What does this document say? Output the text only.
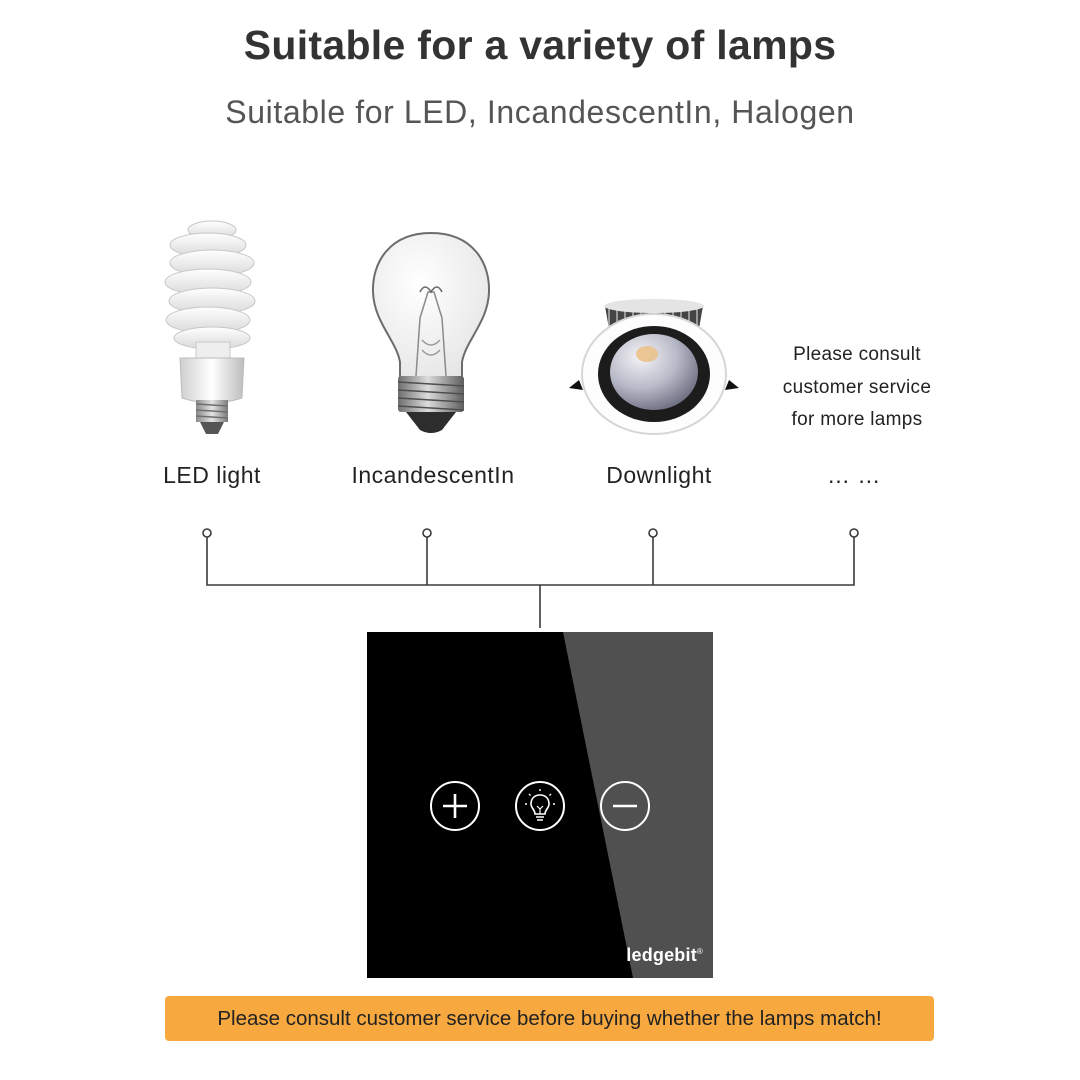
Suitable for a variety of lamps
Suitable for LED, IncandescentIn, Halogen
Please consult
customer service
for more lamps
LED light	IncandescentIn	Downlight	… …
ledgebit®
Please consult customer service before buying whether the lamps match!
